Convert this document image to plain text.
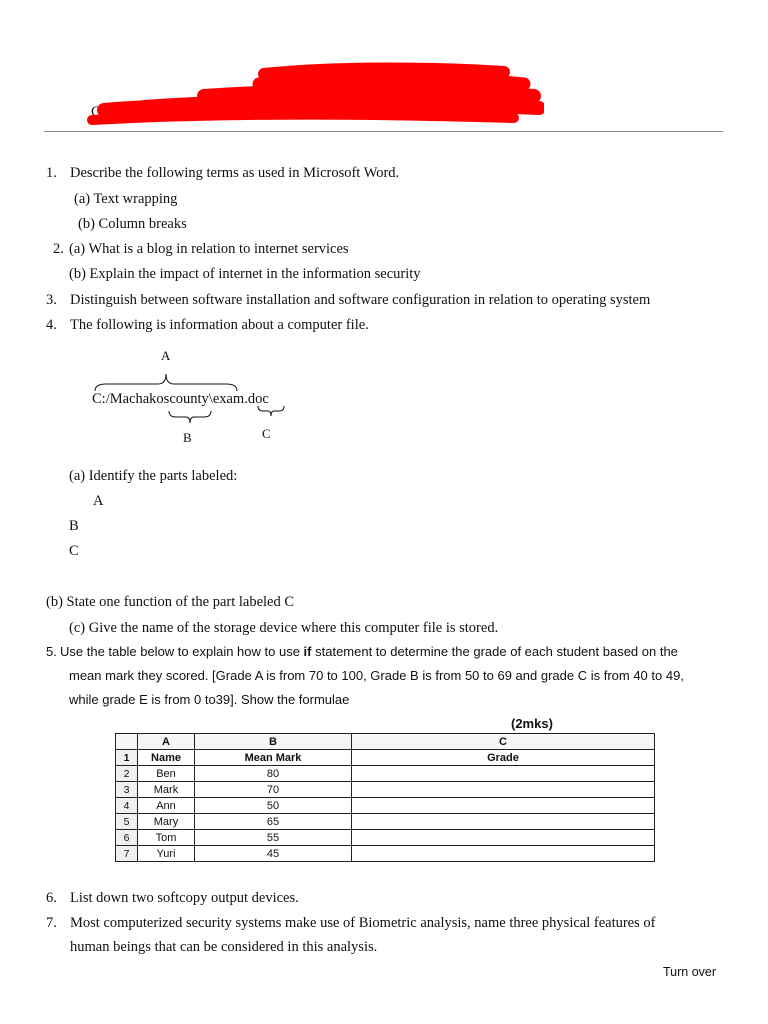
C
1. Describe the following terms as used in Microsoft Word.
(a) Text wrapping
(b) Column breaks
2. (a) What is a blog in relation to internet services
(b) Explain the impact of internet in the information security
3. Distinguish between software installation and software configuration in relation to operating system
4. The following is information about a computer file.
A
C:/Machakoscounty\exam.doc
B	C
(a) Identify the parts labeled:
A
B
C
(b) State one function of the part labeled C
(c) Give the name of the storage device where this computer file is stored.
5. Use the table below to explain how to use if statement to determine the grade of each student based on the
mean mark they scored. [Grade A is from 70 to 100, Grade B is from 50 to 69 and grade C is from 40 to 49,
while grade E is from 0 to39]. Show the formulae
(2mks)
	A	B	C
1	Name	Mean Mark	Grade
2	Ben	80	
3	Mark	70	
4	Ann	50	
5	Mary	65	
6	Tom	55	
7	Yuri	45	
6. List down two softcopy output devices.
7. Most computerized security systems make use of Biometric analysis, name three physical features of
human beings that can be considered in this analysis.
Turn over
